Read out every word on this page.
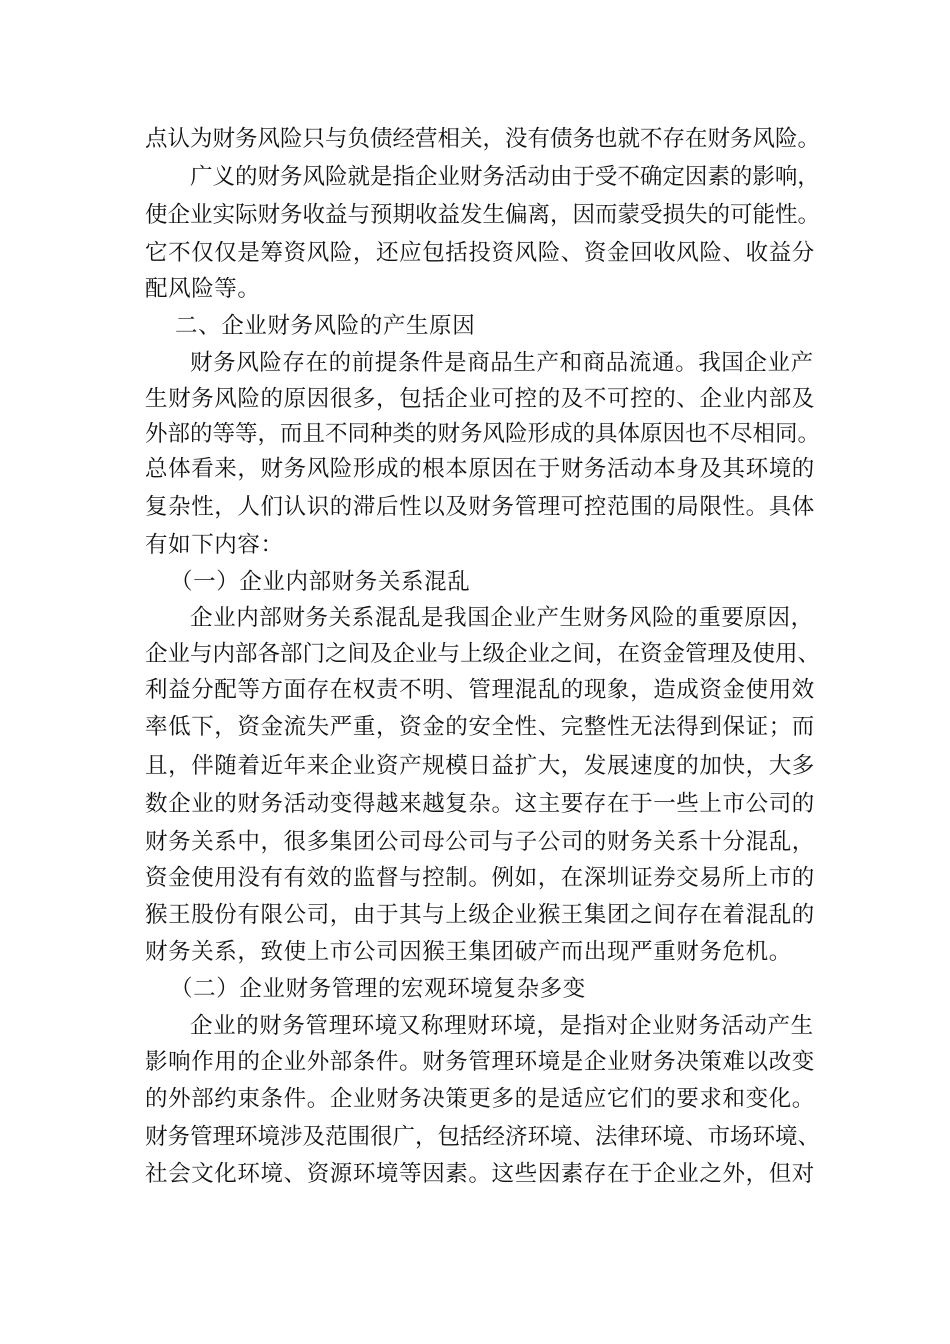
点认为财务风险只与负债经营相关，没有债务也就不存在财务风险。
广义的财务风险就是指企业财务活动由于受不确定因素的影响，
使企业实际财务收益与预期收益发生偏离，因而蒙受损失的可能性。
它不仅仅是筹资风险，还应包括投资风险、资金回收风险、收益分
配风险等。
二、企业财务风险的产生原因
财务风险存在的前提条件是商品生产和商品流通。我国企业产
生财务风险的原因很多，包括企业可控的及不可控的、企业内部及
外部的等等，而且不同种类的财务风险形成的具体原因也不尽相同。
总体看来，财务风险形成的根本原因在于财务活动本身及其环境的
复杂性，人们认识的滞后性以及财务管理可控范围的局限性。具体
有如下内容：
（一）企业内部财务关系混乱
企业内部财务关系混乱是我国企业产生财务风险的重要原因，
企业与内部各部门之间及企业与上级企业之间，在资金管理及使用、
利益分配等方面存在权责不明、管理混乱的现象，造成资金使用效
率低下，资金流失严重，资金的安全性、完整性无法得到保证；而
且，伴随着近年来企业资产规模日益扩大，发展速度的加快，大多
数企业的财务活动变得越来越复杂。这主要存在于一些上市公司的
财务关系中，很多集团公司母公司与子公司的财务关系十分混乱，
资金使用没有有效的监督与控制。例如，在深圳证券交易所上市的
猴王股份有限公司，由于其与上级企业猴王集团之间存在着混乱的
财务关系，致使上市公司因猴王集团破产而出现严重财务危机。
（二）企业财务管理的宏观环境复杂多变
企业的财务管理环境又称理财环境，是指对企业财务活动产生
影响作用的企业外部条件。财务管理环境是企业财务决策难以改变
的外部约束条件。企业财务决策更多的是适应它们的要求和变化。
财务管理环境涉及范围很广，包括经济环境、法律环境、市场环境、
社会文化环境、资源环境等因素。这些因素存在于企业之外，但对
